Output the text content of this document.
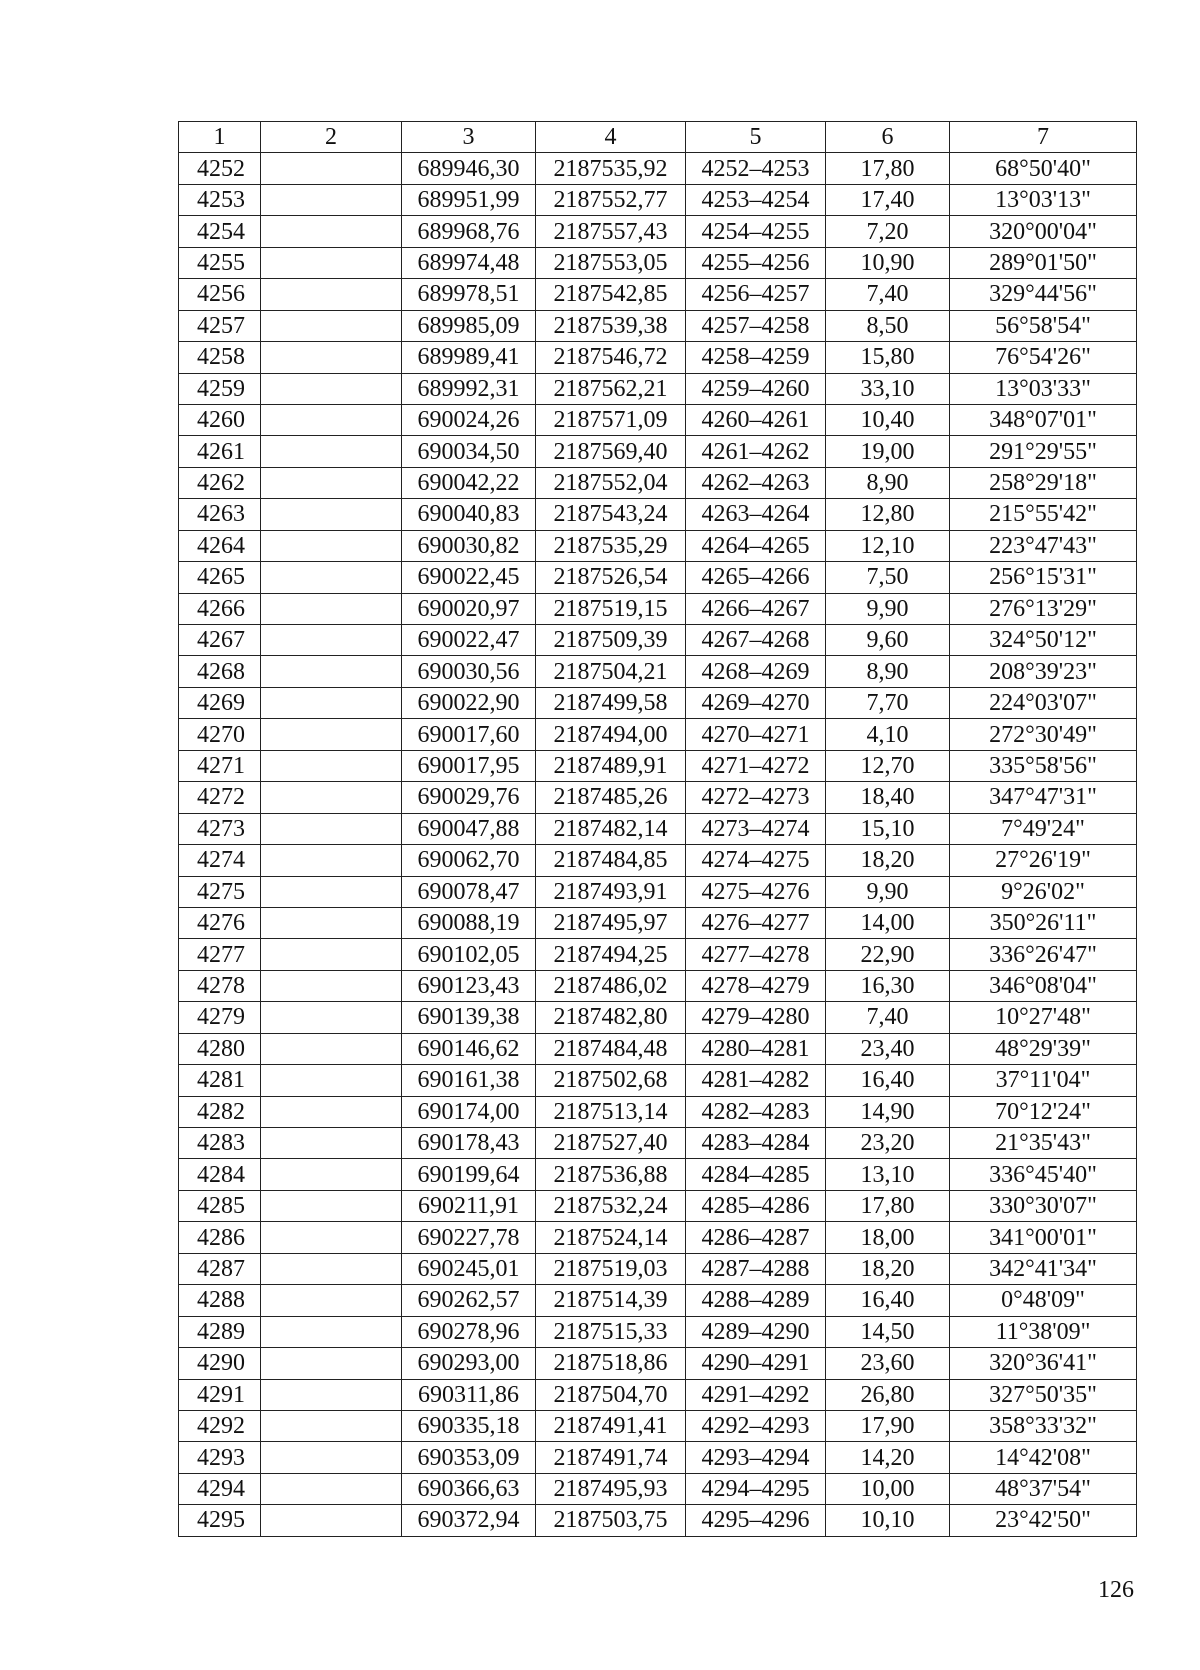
1	2	3	4	5	6	7
4252		689946,30	2187535,92	4252–4253	17,80	68°50'40"
4253		689951,99	2187552,77	4253–4254	17,40	13°03'13"
4254		689968,76	2187557,43	4254–4255	7,20	320°00'04"
4255		689974,48	2187553,05	4255–4256	10,90	289°01'50"
4256		689978,51	2187542,85	4256–4257	7,40	329°44'56"
4257		689985,09	2187539,38	4257–4258	8,50	56°58'54"
4258		689989,41	2187546,72	4258–4259	15,80	76°54'26"
4259		689992,31	2187562,21	4259–4260	33,10	13°03'33"
4260		690024,26	2187571,09	4260–4261	10,40	348°07'01"
4261		690034,50	2187569,40	4261–4262	19,00	291°29'55"
4262		690042,22	2187552,04	4262–4263	8,90	258°29'18"
4263		690040,83	2187543,24	4263–4264	12,80	215°55'42"
4264		690030,82	2187535,29	4264–4265	12,10	223°47'43"
4265		690022,45	2187526,54	4265–4266	7,50	256°15'31"
4266		690020,97	2187519,15	4266–4267	9,90	276°13'29"
4267		690022,47	2187509,39	4267–4268	9,60	324°50'12"
4268		690030,56	2187504,21	4268–4269	8,90	208°39'23"
4269		690022,90	2187499,58	4269–4270	7,70	224°03'07"
4270		690017,60	2187494,00	4270–4271	4,10	272°30'49"
4271		690017,95	2187489,91	4271–4272	12,70	335°58'56"
4272		690029,76	2187485,26	4272–4273	18,40	347°47'31"
4273		690047,88	2187482,14	4273–4274	15,10	7°49'24"
4274		690062,70	2187484,85	4274–4275	18,20	27°26'19"
4275		690078,47	2187493,91	4275–4276	9,90	9°26'02"
4276		690088,19	2187495,97	4276–4277	14,00	350°26'11"
4277		690102,05	2187494,25	4277–4278	22,90	336°26'47"
4278		690123,43	2187486,02	4278–4279	16,30	346°08'04"
4279		690139,38	2187482,80	4279–4280	7,40	10°27'48"
4280		690146,62	2187484,48	4280–4281	23,40	48°29'39"
4281		690161,38	2187502,68	4281–4282	16,40	37°11'04"
4282		690174,00	2187513,14	4282–4283	14,90	70°12'24"
4283		690178,43	2187527,40	4283–4284	23,20	21°35'43"
4284		690199,64	2187536,88	4284–4285	13,10	336°45'40"
4285		690211,91	2187532,24	4285–4286	17,80	330°30'07"
4286		690227,78	2187524,14	4286–4287	18,00	341°00'01"
4287		690245,01	2187519,03	4287–4288	18,20	342°41'34"
4288		690262,57	2187514,39	4288–4289	16,40	0°48'09"
4289		690278,96	2187515,33	4289–4290	14,50	11°38'09"
4290		690293,00	2187518,86	4290–4291	23,60	320°36'41"
4291		690311,86	2187504,70	4291–4292	26,80	327°50'35"
4292		690335,18	2187491,41	4292–4293	17,90	358°33'32"
4293		690353,09	2187491,74	4293–4294	14,20	14°42'08"
4294		690366,63	2187495,93	4294–4295	10,00	48°37'54"
4295		690372,94	2187503,75	4295–4296	10,10	23°42'50"
126
